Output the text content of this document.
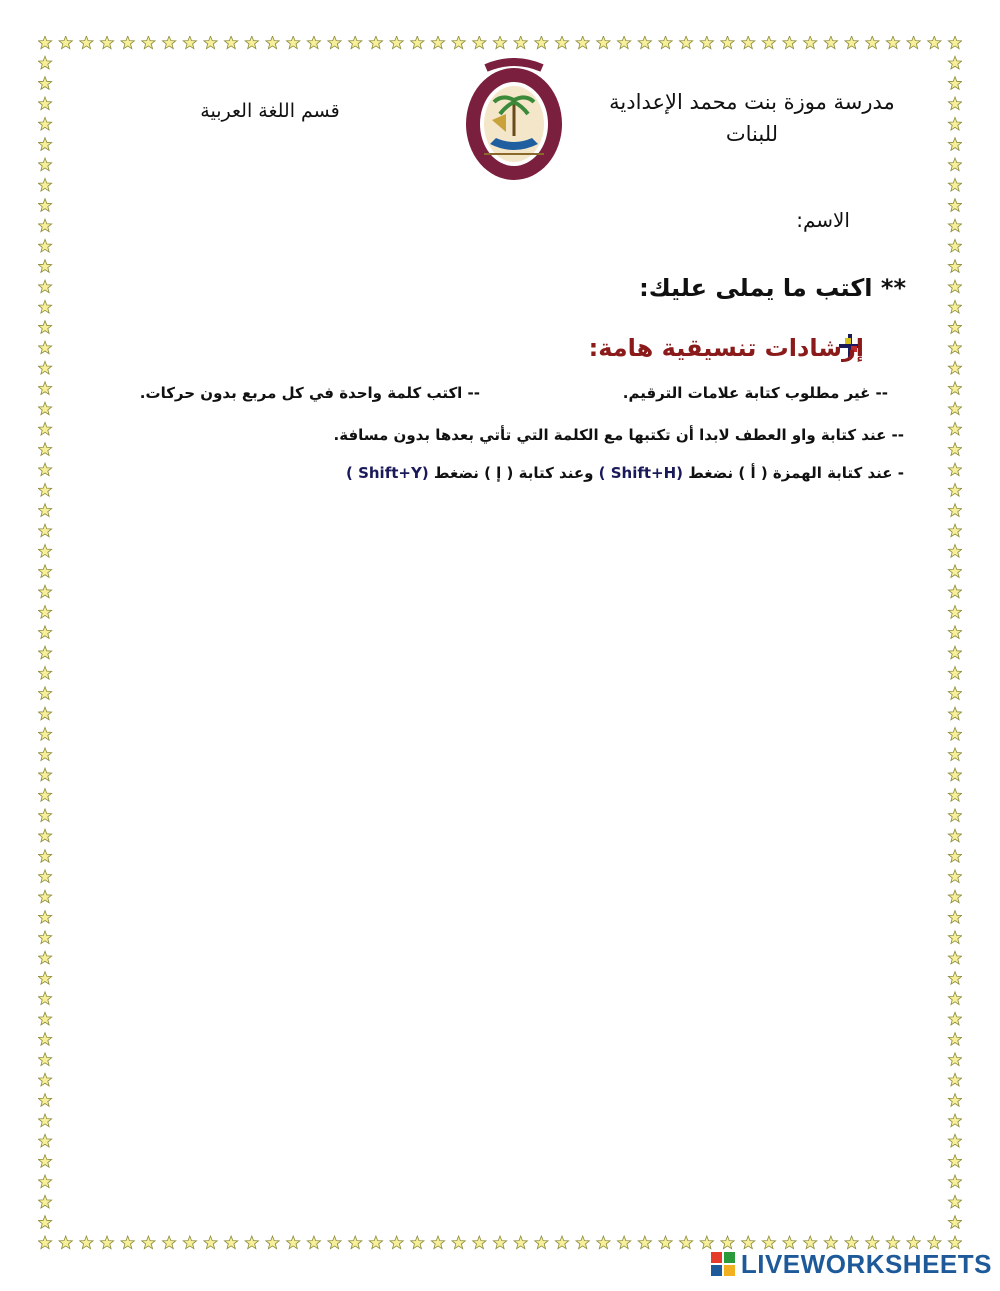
مدرسة موزة بنت محمد الإعدادية
للبنات
قسم اللغة العربية
الاسم:
** اكتب ما يملى عليك:
إرشادات تنسيقية هامة:
-- غير مطلوب كتابة علامات الترقيم.
-- اكتب كلمة واحدة في كل مربع بدون حركات.
-- عند كتابة واو العطف لابدا أن تكتبها مع الكلمة التي تأتي بعدها بدون مسافة.
- عند كتابة الهمزة ( أ ) نضغط ( Shift+H) وعند كتابة ( إ ) نضغط ( Shift+Y)
LIVEWORKSHEETS
